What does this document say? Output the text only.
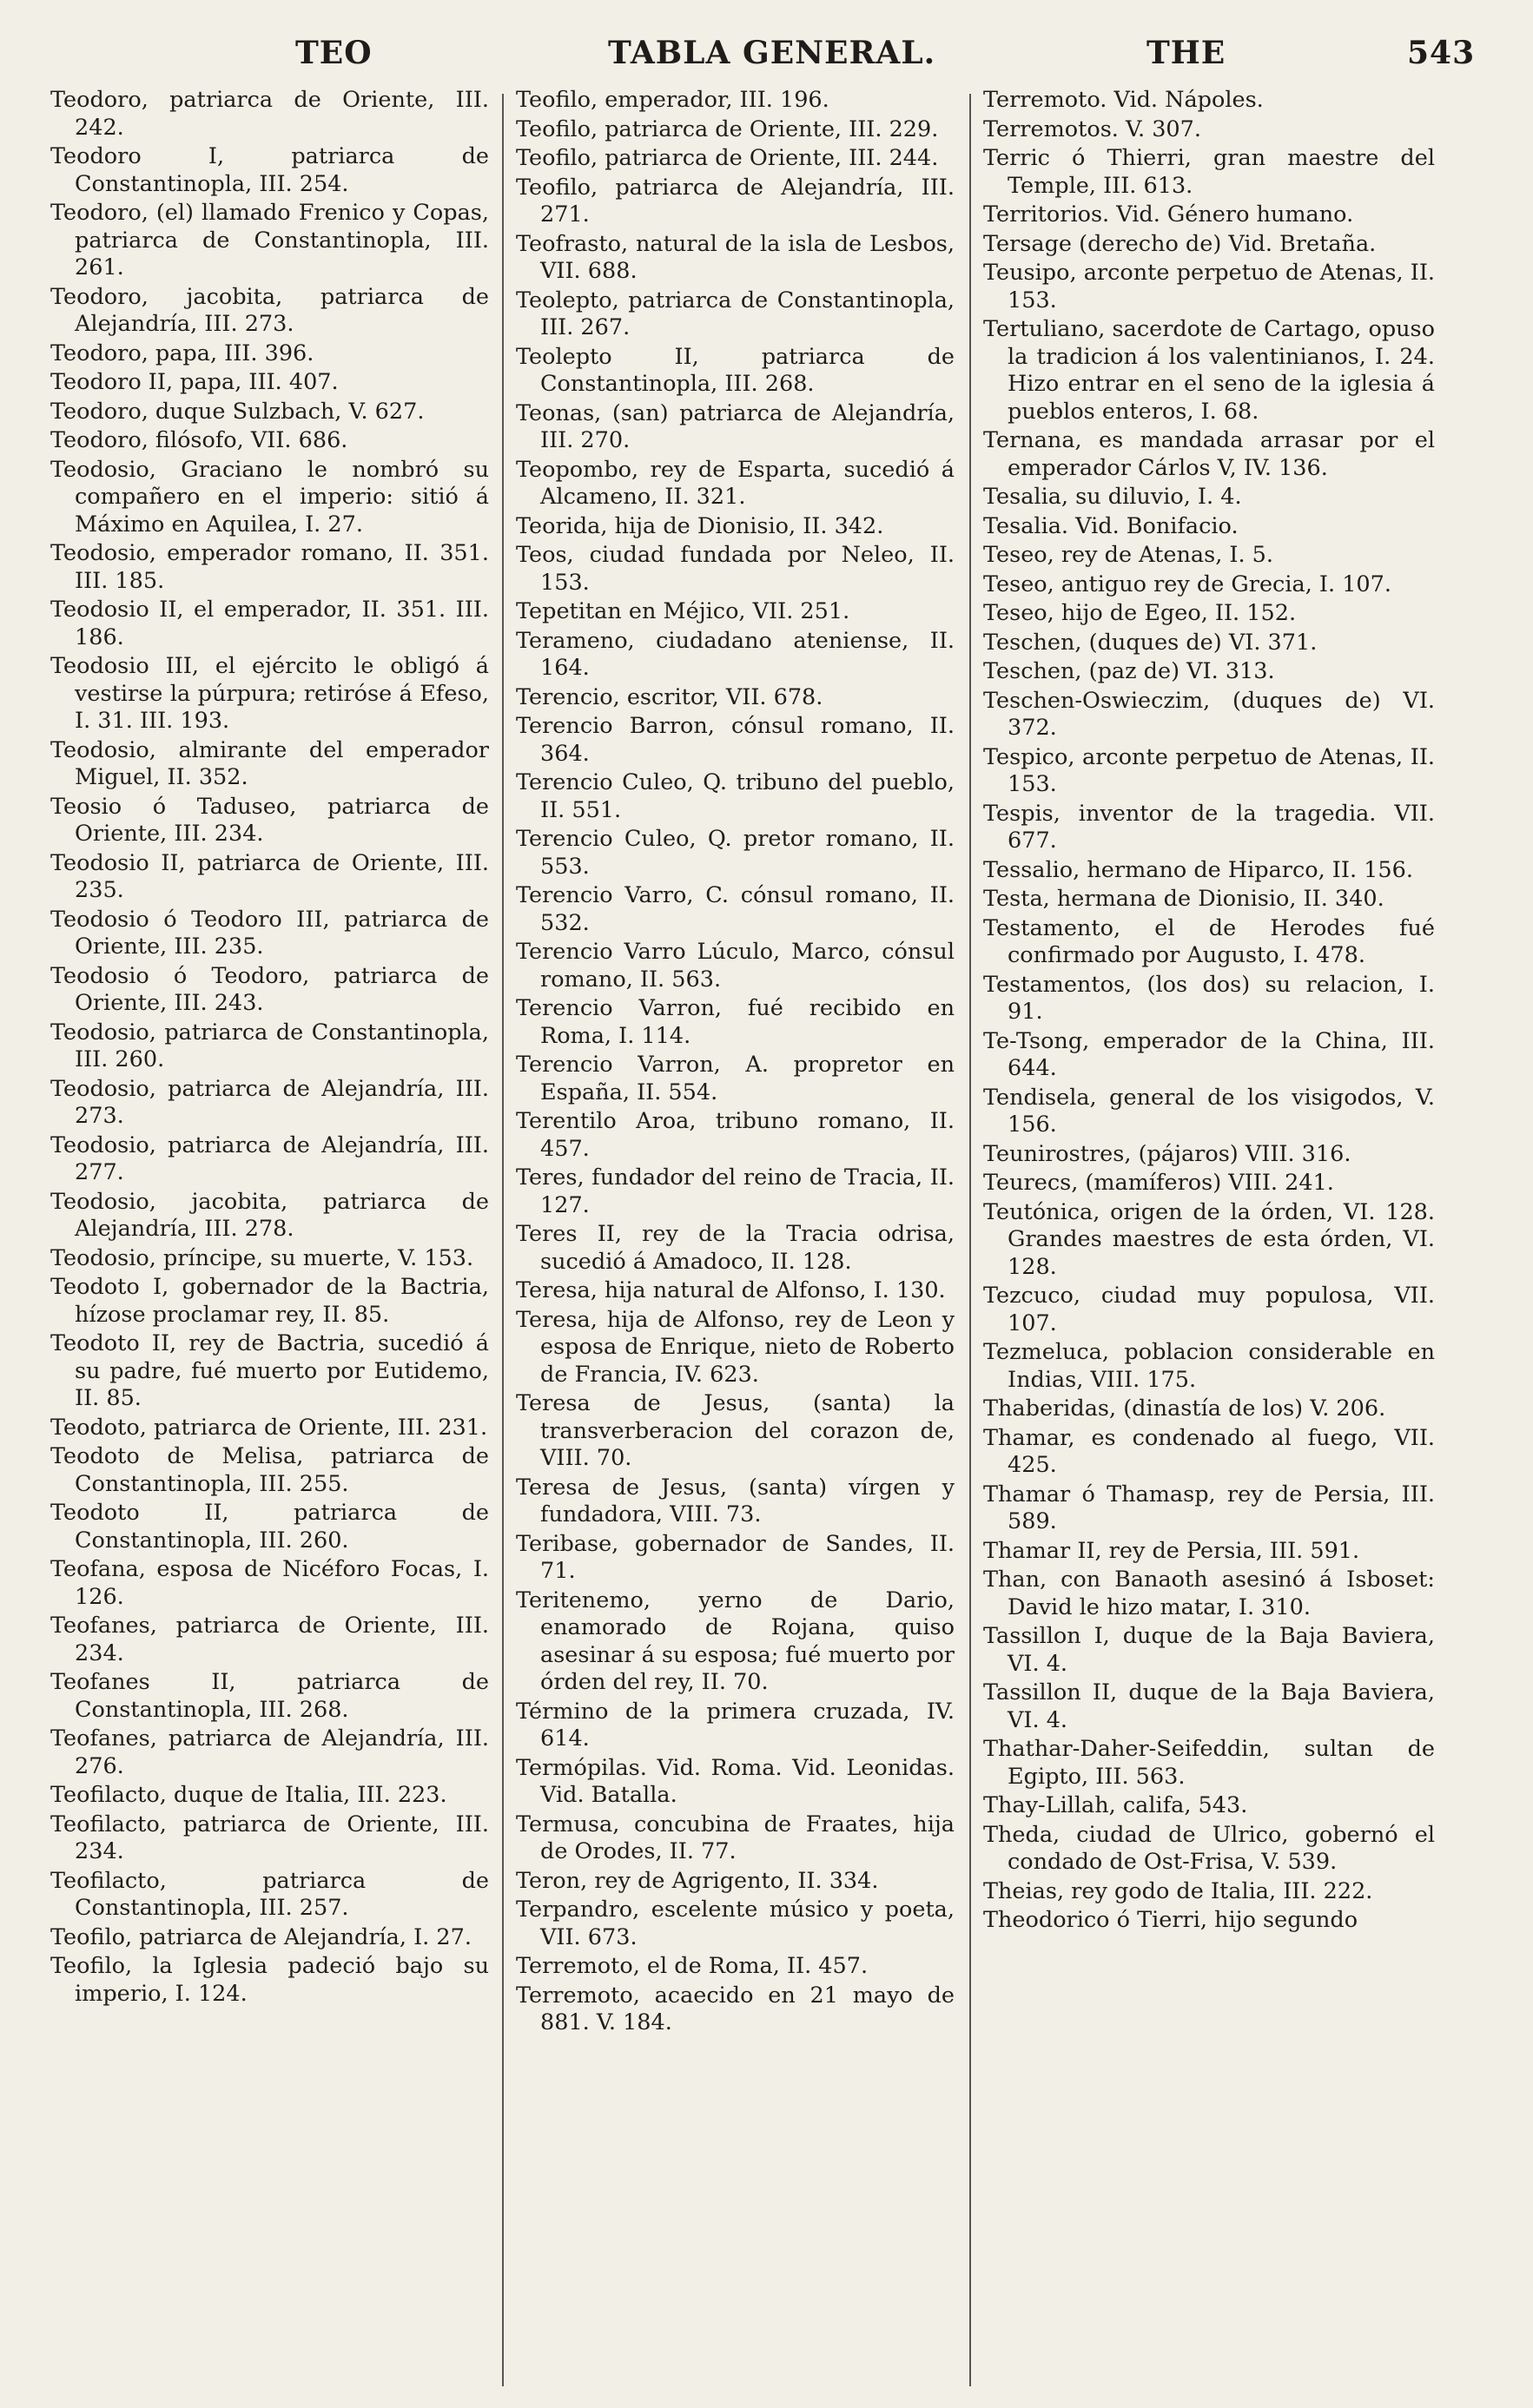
TEO	TABLA GENERAL.	THE	543

Teodoro, patriarca de Oriente, III. 242.

Teodoro I, patriarca de Constantinopla, III. 254.

Teodoro, (el) llamado Frenico y Copas, patriarca de Constantinopla, III. 261.

Teodoro, jacobita, patriarca de Alejandría, III. 273.

Teodoro, papa, III. 396.

Teodoro II, papa, III. 407.

Teodoro, duque Sulzbach, V. 627.

Teodoro, filósofo, VII. 686.

Teodosio, Graciano le nombró su compañero en el imperio: sitió á Máximo en Aquilea, I. 27.

Teodosio, emperador romano, II. 351. III. 185.

Teodosio II, el emperador, II. 351. III. 186.

Teodosio III, el ejército le obligó á vestirse la púrpura; retiróse á Efeso, I. 31. III. 193.

Teodosio, almirante del emperador Miguel, II. 352.

Teosio ó Taduseo, patriarca de Oriente, III. 234.

Teodosio II, patriarca de Oriente, III. 235.

Teodosio ó Teodoro III, patriarca de Oriente, III. 235.

Teodosio ó Teodoro, patriarca de Oriente, III. 243.

Teodosio, patriarca de Constantinopla, III. 260.

Teodosio, patriarca de Alejandría, III. 273.

Teodosio, patriarca de Alejandría, III. 277.

Teodosio, jacobita, patriarca de Alejandría, III. 278.

Teodosio, príncipe, su muerte, V. 153.

Teodoto I, gobernador de la Bactria, hízose proclamar rey, II. 85.

Teodoto II, rey de Bactria, sucedió á su padre, fué muerto por Eutidemo, II. 85.

Teodoto, patriarca de Oriente, III. 231.

Teodoto de Melisa, patriarca de Constantinopla, III. 255.

Teodoto II, patriarca de Constantinopla, III. 260.

Teofana, esposa de Nicéforo Focas, I. 126.

Teofanes, patriarca de Oriente, III. 234.

Teofanes II, patriarca de Constantinopla, III. 268.

Teofanes, patriarca de Alejandría, III. 276.

Teofilacto, duque de Italia, III. 223.

Teofilacto, patriarca de Oriente, III. 234.

Teofilacto, patriarca de Constantinopla, III. 257.

Teofilo, patriarca de Alejandría, I. 27.

Teofilo, la Iglesia padeció bajo su imperio, I. 124.

Teofilo, emperador, III. 196.

Teofilo, patriarca de Oriente, III. 229.

Teofilo, patriarca de Oriente, III. 244.

Teofilo, patriarca de Alejandría, III. 271.

Teofrasto, natural de la isla de Lesbos, VII. 688.

Teolepto, patriarca de Constantinopla, III. 267.

Teolepto II, patriarca de Constantinopla, III. 268.

Teonas, (san) patriarca de Alejandría, III. 270.

Teopombo, rey de Esparta, sucedió á Alcameno, II. 321.

Teorida, hija de Dionisio, II. 342.

Teos, ciudad fundada por Neleo, II. 153.

Tepetitan en Méjico, VII. 251.

Terameno, ciudadano ateniense, II. 164.

Terencio, escritor, VII. 678.

Terencio Barron, cónsul romano, II. 364.

Terencio Culeo, Q. tribuno del pueblo, II. 551.

Terencio Culeo, Q. pretor romano, II. 553.

Terencio Varro, C. cónsul romano, II. 532.

Terencio Varro Lúculo, Marco, cónsul romano, II. 563.

Terencio Varron, fué recibido en Roma, I. 114.

Terencio Varron, A. propretor en España, II. 554.

Terentilo Aroa, tribuno romano, II. 457.

Teres, fundador del reino de Tracia, II. 127.

Teres II, rey de la Tracia odrisa, sucedió á Amadoco, II. 128.

Teresa, hija natural de Alfonso, I. 130.

Teresa, hija de Alfonso, rey de Leon y esposa de Enrique, nieto de Roberto de Francia, IV. 623.

Teresa de Jesus, (santa) la transverberacion del corazon de, VIII. 70.

Teresa de Jesus, (santa) vírgen y fundadora, VIII. 73.

Teribase, gobernador de Sandes, II. 71.

Teritenemo, yerno de Dario, enamorado de Rojana, quiso asesinar á su esposa; fué muerto por órden del rey, II. 70.

Término de la primera cruzada, IV. 614.

Termópilas. Vid. Roma. Vid. Leonidas. Vid. Batalla.

Termusa, concubina de Fraates, hija de Orodes, II. 77.

Teron, rey de Agrigento, II. 334.

Terpandro, escelente músico y poeta, VII. 673.

Terremoto, el de Roma, II. 457.

Terremoto, acaecido en 21 mayo de 881. V. 184.

Terremoto. Vid. Nápoles.

Terremotos. V. 307.

Terric ó Thierri, gran maestre del Temple, III. 613.

Territorios. Vid. Género humano.

Tersage (derecho de) Vid. Bretaña.

Teusipo, arconte perpetuo de Atenas, II. 153.

Tertuliano, sacerdote de Cartago, opuso la tradicion á los valentinianos, I. 24. Hizo entrar en el seno de la iglesia á pueblos enteros, I. 68.

Ternana, es mandada arrasar por el emperador Cárlos V, IV. 136.

Tesalia, su diluvio, I. 4.

Tesalia. Vid. Bonifacio.

Teseo, rey de Atenas, I. 5.

Teseo, antiguo rey de Grecia, I. 107.

Teseo, hijo de Egeo, II. 152.

Teschen, (duques de) VI. 371.

Teschen, (paz de) VI. 313.

Teschen-Oswieczim, (duques de) VI. 372.

Tespico, arconte perpetuo de Atenas, II. 153.

Tespis, inventor de la tragedia. VII. 677.

Tessalio, hermano de Hiparco, II. 156.

Testa, hermana de Dionisio, II. 340.

Testamento, el de Herodes fué confirmado por Augusto, I. 478.

Testamentos, (los dos) su relacion, I. 91.

Te-Tsong, emperador de la China, III. 644.

Tendisela, general de los visigodos, V. 156.

Teunirostres, (pájaros) VIII. 316.

Teurecs, (mamíferos) VIII. 241.

Teutónica, origen de la órden, VI. 128. Grandes maestres de esta órden, VI. 128.

Tezcuco, ciudad muy populosa, VII. 107.

Tezmeluca, poblacion considerable en Indias, VIII. 175.

Thaberidas, (dinastía de los) V. 206.

Thamar, es condenado al fuego, VII. 425.

Thamar ó Thamasp, rey de Persia, III. 589.

Thamar II, rey de Persia, III. 591.

Than, con Banaoth asesinó á Isboset: David le hizo matar, I. 310.

Tassillon I, duque de la Baja Baviera, VI. 4.

Tassillon II, duque de la Baja Baviera, VI. 4.

Thathar-Daher-Seifeddin, sultan de Egipto, III. 563.

Thay-Lillah, califa, 543.

Theda, ciudad de Ulrico, gobernó el condado de Ost-Frisa, V. 539.

Theias, rey godo de Italia, III. 222.

Theodorico ó Tierri, hijo segundo
